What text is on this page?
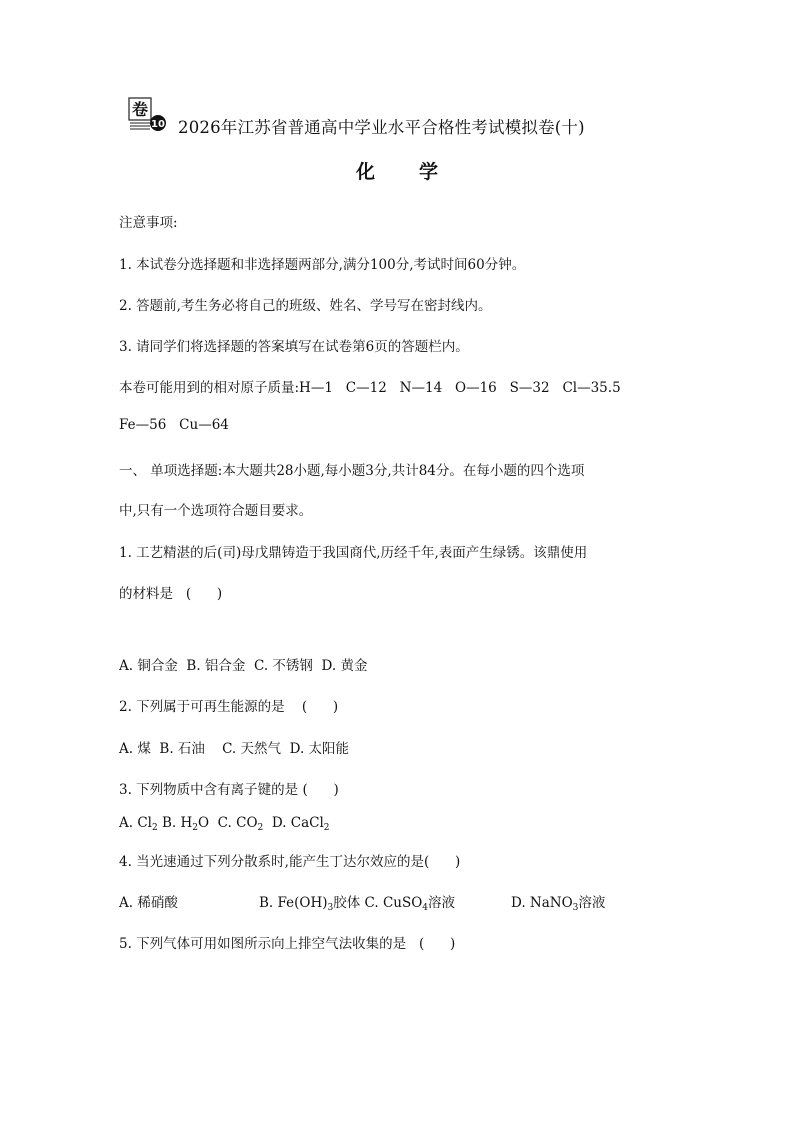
卷
10 2026年江苏省普通高中学业水平合格性考试模拟卷(十)
化 学
注意事项:
1. 本试卷分选择题和非选择题两部分,满分100分,考试时间60分钟。
2. 答题前,考生务必将自己的班级、姓名、学号写在密封线内。
3. 请同学们将选择题的答案填写在试卷第6页的答题栏内。
本卷可能用到的相对原子质量:H—1   C—12   N—14   O—16   S—32   Cl—35.5
Fe—56   Cu—64
一、 单项选择题:本大题共28小题,每小题3分,共计84分。在每小题的四个选项
中,只有一个选项符合题目要求。
1. 工艺精湛的后(司)母戊鼎铸造于我国商代,历经千年,表面产生绿锈。该鼎使用
的材料是   (      )
A. 铜合金  B. 铝合金  C. 不锈钢  D. 黄金
2. 下列属于可再生能源的是    (      )
A. 煤  B. 石油    C. 天然气  D. 太阳能
3. 下列物质中含有离子键的是 (      )
A. $Cl_2$ B. $H_2O$  C. $CO_2$  D. CaCl$_2$
4. 当光速通过下列分散系时,能产生丁达尔效应的是(      )
A. 稀硝酸	B. $Fe(OH)_3$胶体 C. CuSO$_4$溶液	D. NaNO$_3$溶液
5. 下列气体可用如图所示向上排空气法收集的是   (      )
